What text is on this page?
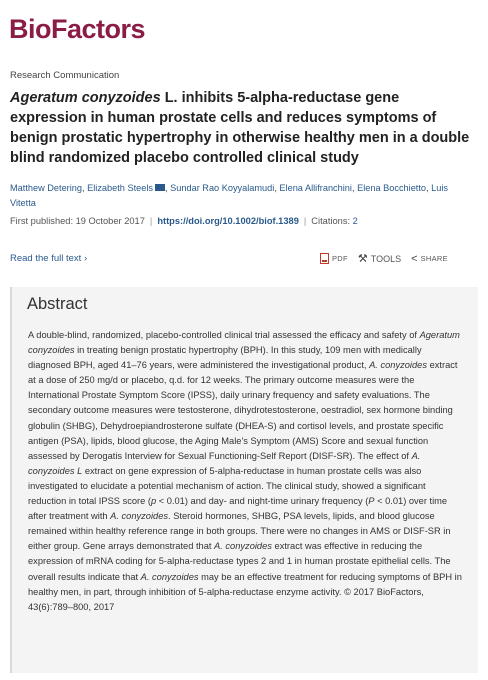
BioFactors
Research Communication
Ageratum conyzoides L. inhibits 5-alpha-reductase gene expression in human prostate cells and reduces symptoms of benign prostatic hypertrophy in otherwise healthy men in a double blind randomized placebo controlled clinical study
Matthew Detering, Elizabeth Steels , Sundar Rao Koyyalamudi, Elena Allifranchini, Elena Bocchietto, Luis Vitetta
First published: 19 October 2017 | https://doi.org/10.1002/biof.1389 | Citations: 2
Read the full text ›	PDF ⚒ TOOLS < SHARE
Abstract
A double-blind, randomized, placebo-controlled clinical trial assessed the efficacy and safety of Ageratum conyzoides in treating benign prostatic hypertrophy (BPH). In this study, 109 men with medically diagnosed BPH, aged 41–76 years, were administered the investigational product, A. conyzoides extract at a dose of 250 mg/d or placebo, q.d. for 12 weeks. The primary outcome measures were the International Prostate Symptom Score (IPSS), daily urinary frequency and safety evaluations. The secondary outcome measures were testosterone, dihydrotestosterone, oestradiol, sex hormone binding globulin (SHBG), Dehydroepiandrosterone sulfate (DHEA-S) and cortisol levels, and prostate specific antigen (PSA), lipids, blood glucose, the Aging Male's Symptom (AMS) Score and sexual function assessed by Derogatis Interview for Sexual Functioning-Self Report (DISF-SR). The effect of A. conyzoides L extract on gene expression of 5-alpha-reductase in human prostate cells was also investigated to elucidate a potential mechanism of action. The clinical study, showed a significant reduction in total IPSS score (p < 0.01) and day- and night-time urinary frequency (P < 0.01) over time after treatment with A. conyzoides. Steroid hormones, SHBG, PSA levels, lipids, and blood glucose remained within healthy reference range in both groups. There were no changes in AMS or DISF-SR in either group. Gene arrays demonstrated that A. conyzoides extract was effective in reducing the expression of mRNA coding for 5-alpha-reductase types 2 and 1 in human prostate epithelial cells. The overall results indicate that A. conyzoides may be an effective treatment for reducing symptoms of BPH in healthy men, in part, through inhibition of 5-alpha-reductase enzyme activity. © 2017 BioFactors, 43(6):789–800, 2017
